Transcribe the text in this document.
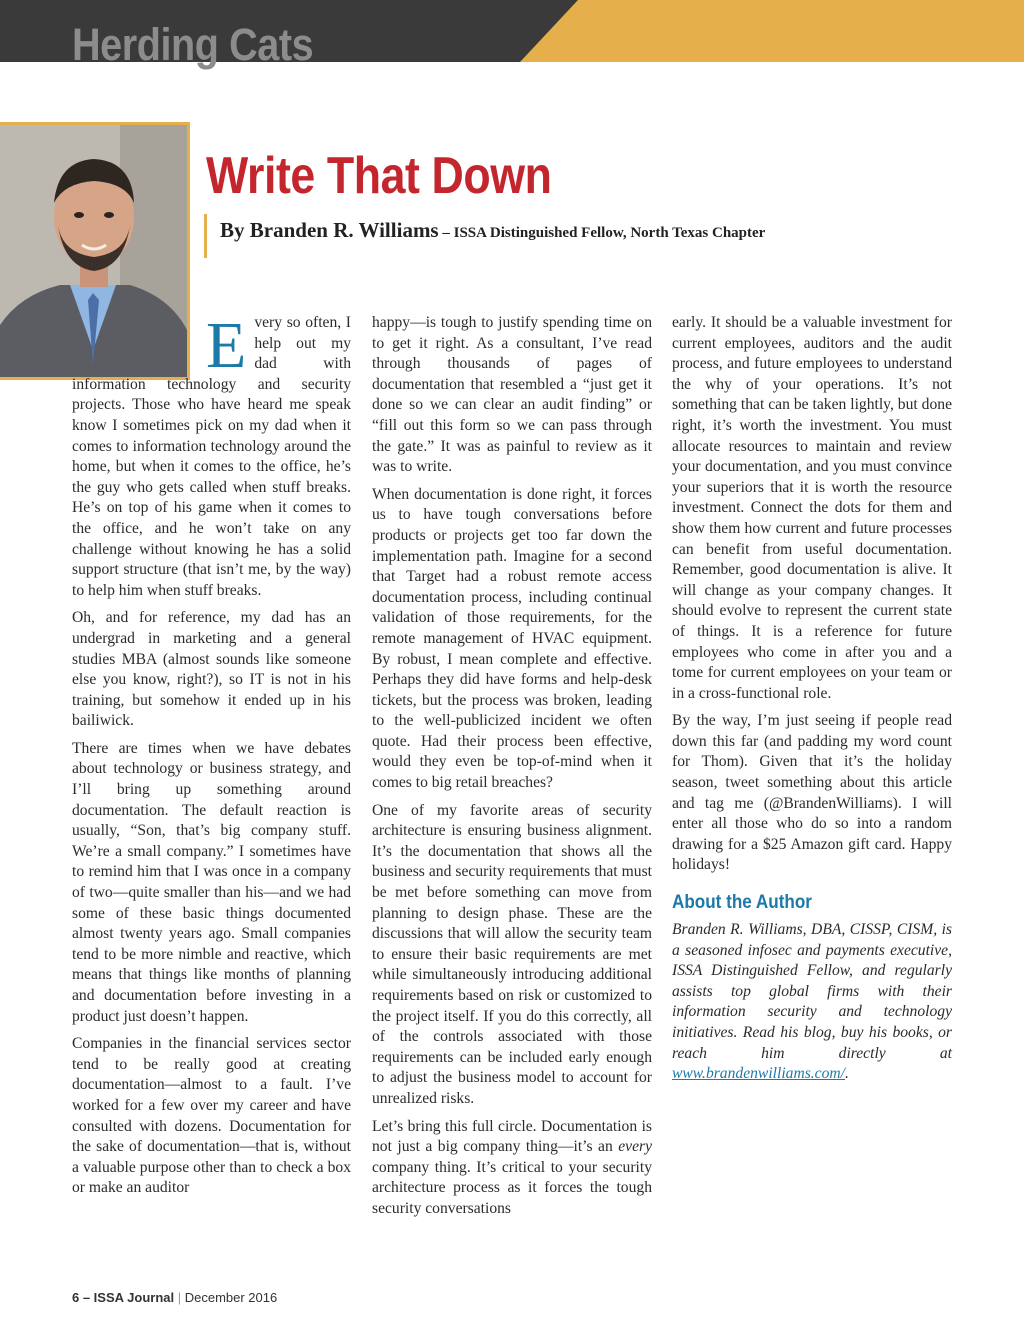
Herding Cats
Write That Down
By Branden R. Williams – ISSA Distinguished Fellow, North Texas Chapter

Every so often, I help out my dad with information technology and security projects. Those who have heard me speak know I sometimes pick on my dad when it comes to information technology around the home, but when it comes to the office, he’s the guy who gets called when stuff breaks. He’s on top of his game when it comes to the office, and he won’t take on any challenge without knowing he has a solid support structure (that isn’t me, by the way) to help him when stuff breaks.

Oh, and for reference, my dad has an undergrad in marketing and a general studies MBA (almost sounds like someone else you know, right?), so IT is not in his training, but somehow it ended up in his bailiwick.

There are times when we have debates about technology or business strategy, and I’ll bring up something around documentation. The default reaction is usually, “Son, that’s big company stuff. We’re a small company.” I sometimes have to remind him that I was once in a company of two—quite smaller than his—and we had some of these basic things documented almost twenty years ago. Small companies tend to be more nimble and reactive, which means that things like months of planning and documentation before investing in a product just doesn’t happen.

Companies in the financial services sector tend to be really good at creating documentation—almost to a fault. I’ve worked for a few over my career and have consulted with dozens. Documentation for the sake of documentation—that is, without a valuable purpose other than to check a box or make an auditor

happy—is tough to justify spending time on to get it right. As a consultant, I’ve read through thousands of pages of documentation that resembled a “just get it done so we can clear an audit finding” or “fill out this form so we can pass through the gate.” It was as painful to review as it was to write.

When documentation is done right, it forces us to have tough conversations before products or projects get too far down the implementation path. Imagine for a second that Target had a robust remote access documentation process, including continual validation of those requirements, for the remote management of HVAC equipment. By robust, I mean complete and effective. Perhaps they did have forms and help-desk tickets, but the process was broken, leading to the well-publicized incident we often quote. Had their process been effective, would they even be top-of-mind when it comes to big retail breaches?

One of my favorite areas of security architecture is ensuring business alignment. It’s the documentation that shows all the business and security requirements that must be met before something can move from planning to design phase. These are the discussions that will allow the security team to ensure their basic requirements are met while simultaneously introducing additional requirements based on risk or customized to the project itself. If you do this correctly, all of the controls associated with those requirements can be included early enough to adjust the business model to account for unrealized risks.

Let’s bring this full circle. Documentation is not just a big company thing—it’s an every company thing. It’s critical to your security architecture process as it forces the tough security conversations

early. It should be a valuable investment for current employees, auditors and the audit process, and future employees to understand the why of your operations. It’s not something that can be taken lightly, but done right, it’s worth the investment. You must allocate resources to maintain and review your documentation, and you must convince your superiors that it is worth the resource investment. Connect the dots for them and show them how current and future processes can benefit from useful documentation. Remember, good documentation is alive. It will change as your company changes. It should evolve to represent the current state of things. It is a reference for future employees who come in after you and a tome for current employees on your team or in a cross-functional role.

By the way, I’m just seeing if people read down this far (and padding my word count for Thom). Given that it’s the holiday season, tweet something about this article and tag me (@BrandenWilliams). I will enter all those who do so into a random drawing for a $25 Amazon gift card. Happy holidays!

About the Author

Branden R. Williams, DBA, CISSP, CISM, is a seasoned infosec and payments executive, ISSA Distinguished Fellow, and regularly assists top global firms with their information security and technology initiatives. Read his blog, buy his books, or reach him directly at www.brandenwilliams.com/.

6 – ISSA Journal | December 2016
